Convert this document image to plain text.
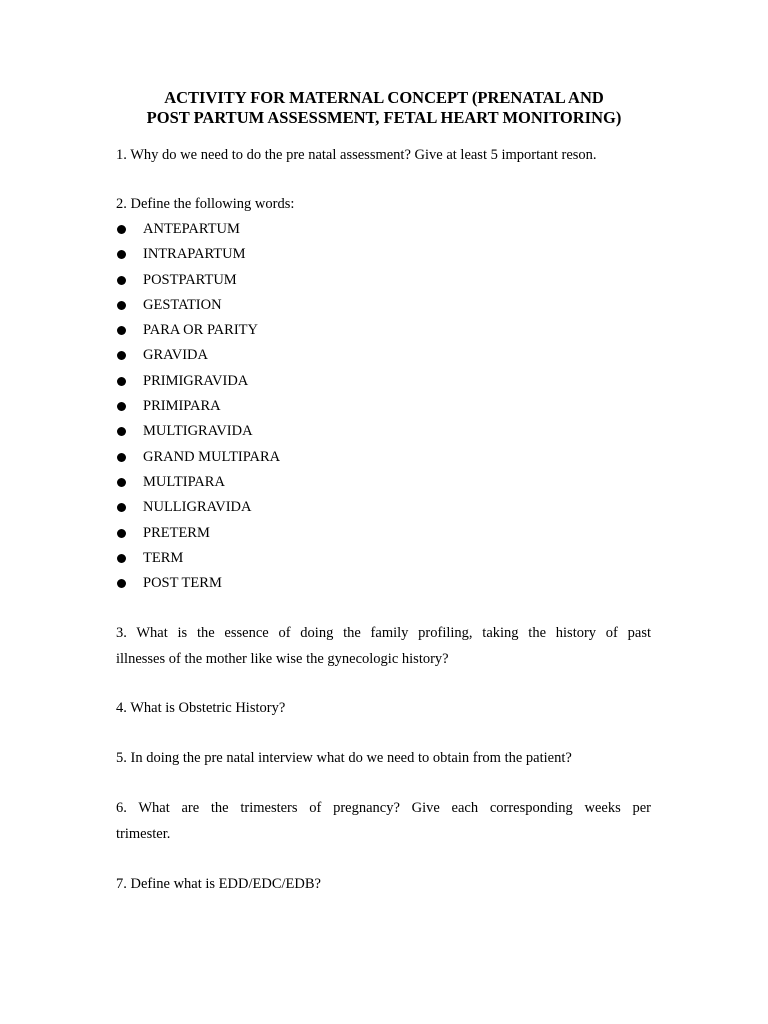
ACTIVITY FOR MATERNAL CONCEPT (PRENATAL AND
POST PARTUM ASSESSMENT, FETAL HEART MONITORING)

1. Why do we need to do the pre natal assessment? Give at least 5 important reson.

2. Define the following words:

ANTEPARTUM
INTRAPARTUM
POSTPARTUM
GESTATION
PARA OR PARITY
GRAVIDA
PRIMIGRAVIDA
PRIMIPARA
MULTIGRAVIDA
GRAND MULTIPARA
MULTIPARA
NULLIGRAVIDA
PRETERM
TERM
POST TERM

3. What is the essence of doing the family profiling, taking the history of past
illnesses of the mother like wise the gynecologic history?

4. What is Obstetric History?

5. In doing the pre natal interview what do we need to obtain from the patient?

6. What are the trimesters of pregnancy? Give each corresponding weeks per
trimester.

7. Define what is EDD/EDC/EDB?
